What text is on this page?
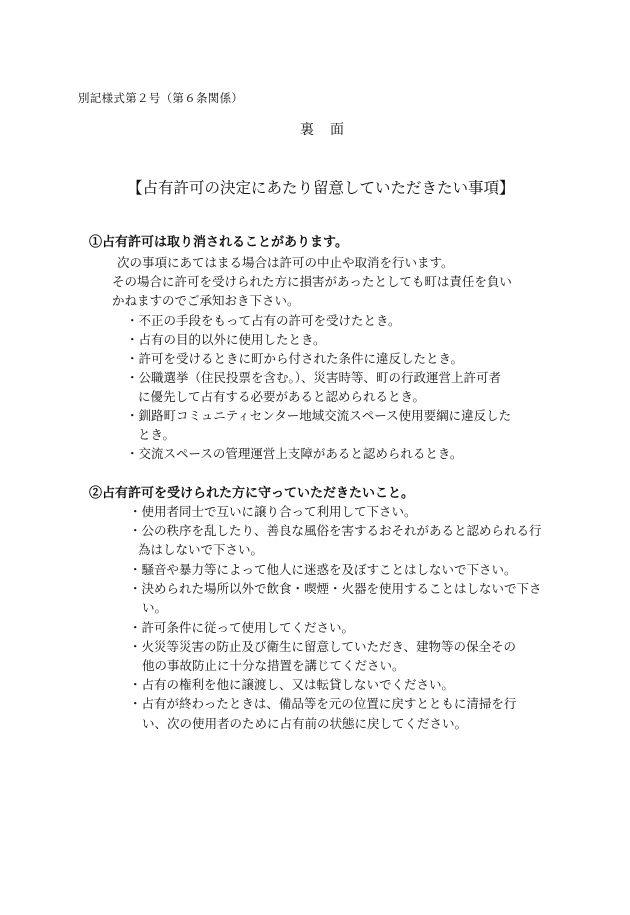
別記様式第２号（第６条関係）
裏　面
【占有許可の決定にあたり留意していただきたい事項】
①占有許可は取り消されることがあります。
次の事項にあてはまる場合は許可の中止や取消を行います。
その場合に許可を受けられた方に損害があったとしても町は責任を負い
かねますのでご承知おき下さい。
・不正の手段をもって占有の許可を受けたとき。
・占有の目的以外に使用したとき。
・許可を受けるときに町から付された条件に違反したとき。
・公職選挙（住民投票を含む。）、災害時等、町の行政運営上許可者
に優先して占有する必要があると認められるとき。
・釧路町コミュニティセンター地域交流スペース使用要綱に違反した
とき。
・交流スペースの管理運営上支障があると認められるとき。
②占有許可を受けられた方に守っていただきたいこと。
・使用者同士で互いに譲り合って利用して下さい。
・公の秩序を乱したり、善良な風俗を害するおそれがあると認められる行
為はしないで下さい。
・騒音や暴力等によって他人に迷惑を及ぼすことはしないで下さい。
・決められた場所以外で飲食・喫煙・火器を使用することはしないで下さ
い。
・許可条件に従って使用してください。
・火災等災害の防止及び衛生に留意していただき、建物等の保全その
他の事故防止に十分な措置を講じてください。
・占有の権利を他に譲渡し、又は転貸しないでください。
・占有が終わったときは、備品等を元の位置に戻すとともに清掃を行
い、次の使用者のために占有前の状態に戻してください。
